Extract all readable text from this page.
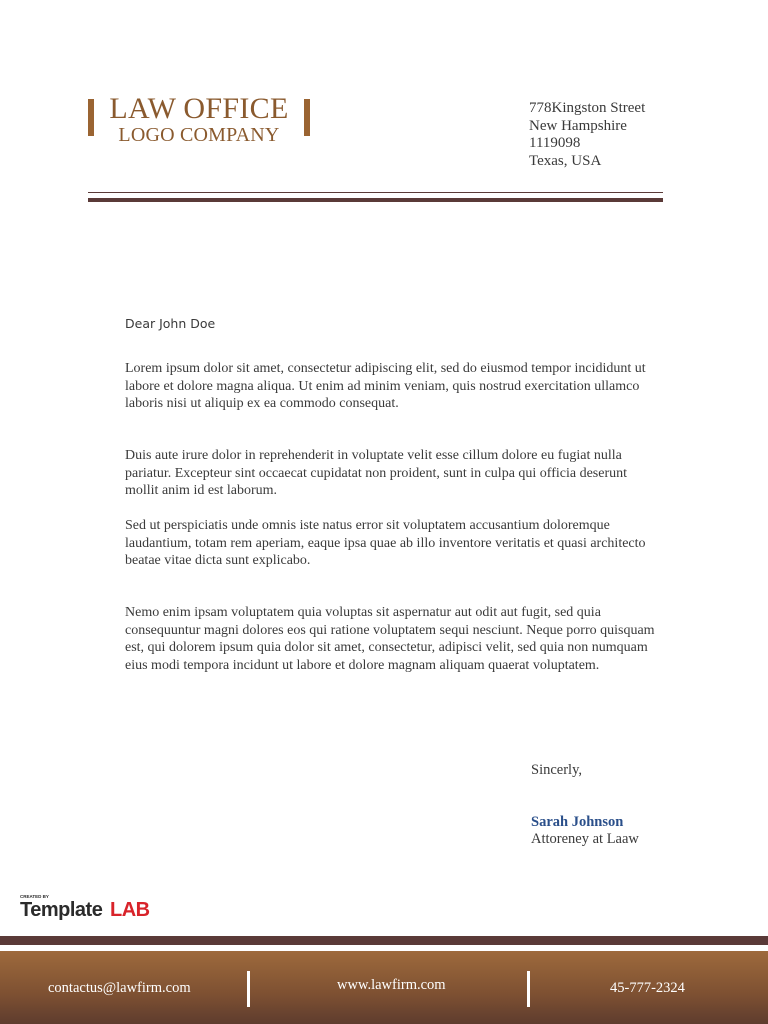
LAW OFFICE
LOGO COMPANY
778Kingston Street
New Hampshire
1119098
Texas, USA
Dear John Doe

Lorem ipsum dolor sit amet, consectetur adipiscing elit, sed do eiusmod tempor incididunt ut labore et dolore magna aliqua. Ut enim ad minim veniam, quis nostrud exercitation ullamco laboris nisi ut aliquip ex ea commodo consequat.

Duis aute irure dolor in reprehenderit in voluptate velit esse cillum dolore eu fugiat nulla pariatur. Excepteur sint occaecat cupidatat non proident, sunt in culpa qui officia deserunt mollit anim id est laborum.

Sed ut perspiciatis unde omnis iste natus error sit voluptatem accusantium doloremque laudantium, totam rem aperiam, eaque ipsa quae ab illo inventore veritatis et quasi architecto beatae vitae dicta sunt explicabo.

Nemo enim ipsam voluptatem quia voluptas sit aspernatur aut odit aut fugit, sed quia consequuntur magni dolores eos qui ratione voluptatem sequi nesciunt. Neque porro quisquam est, qui dolorem ipsum quia dolor sit amet, consectetur, adipisci velit, sed quia non numquam eius modi tempora incidunt ut labore et dolore magnam aliquam quaerat voluptatem.

Sincerly,
Sarah Johnson
Attoreney at Laaw
CREATED BY
Template LAB
contactus@lawfirm.com	www.lawfirm.com	45-777-2324
